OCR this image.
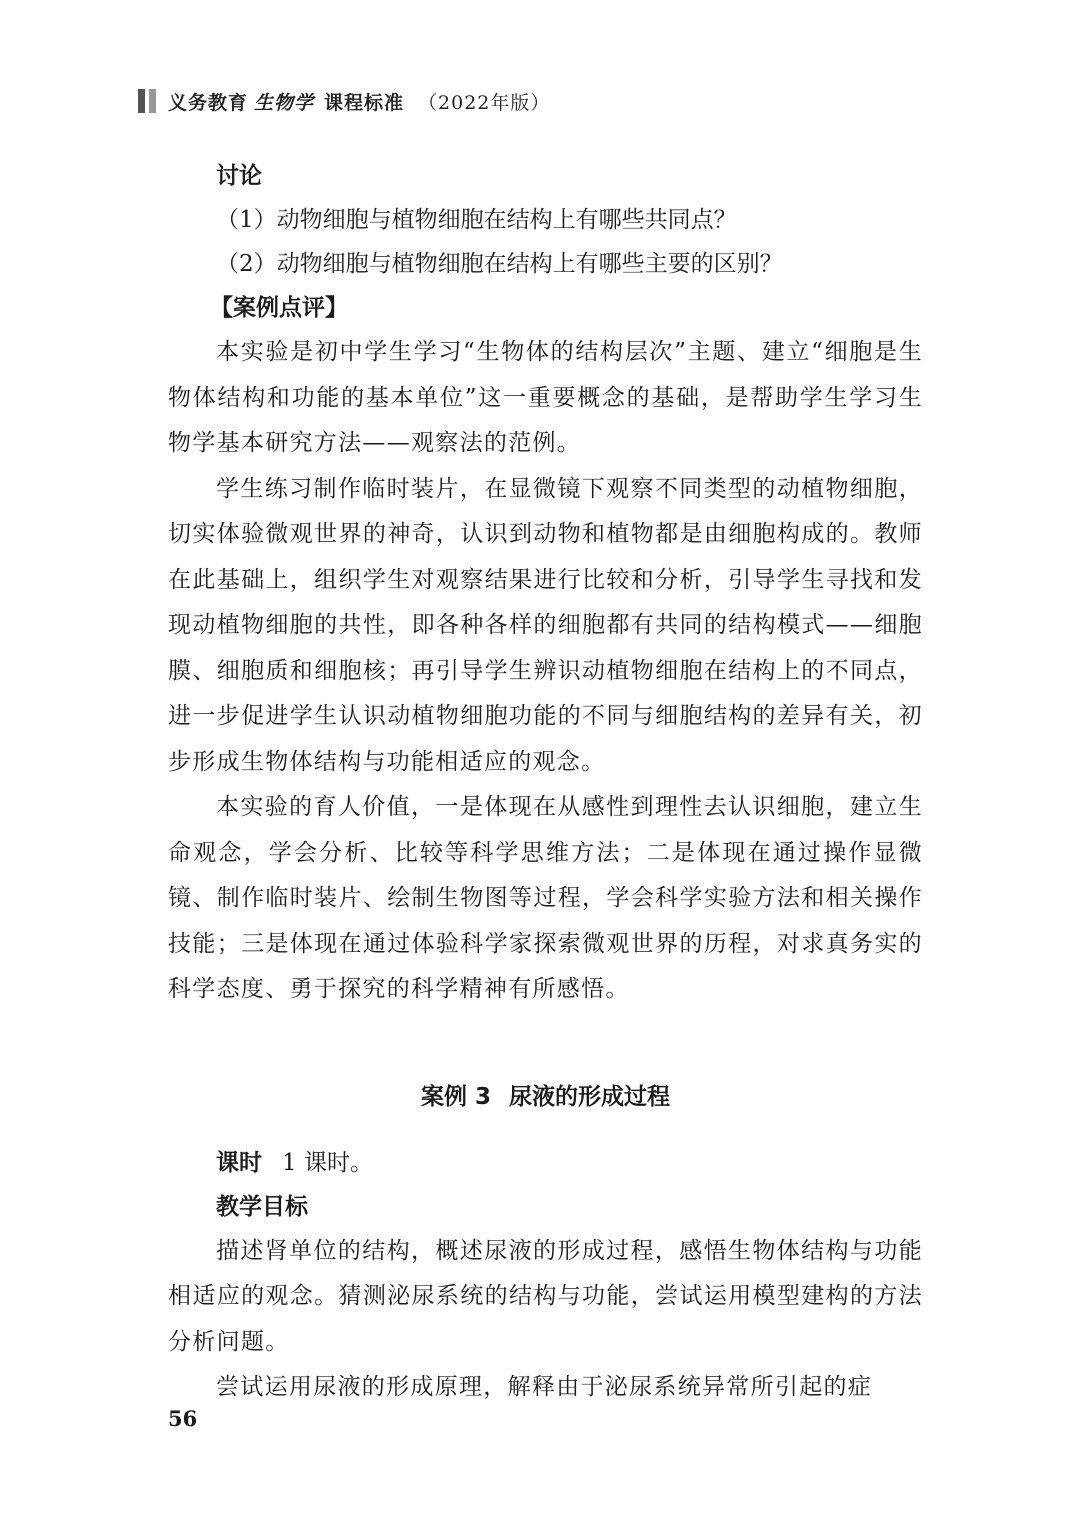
义务教育 生物学 课程标准 （2022年版）
讨论
（1）动物细胞与植物细胞在结构上有哪些共同点？
（2）动物细胞与植物细胞在结构上有哪些主要的区别？
【案例点评】

本实验是初中学生学习“生物体的结构层次”主题、建立“细胞是生物体结构和功能的基本单位”这一重要概念的基础，是帮助学生学习生物学基本研究方法——观察法的范例。

学生练习制作临时装片，在显微镜下观察不同类型的动植物细胞，切实体验微观世界的神奇，认识到动物和植物都是由细胞构成的。教师在此基础上，组织学生对观察结果进行比较和分析，引导学生寻找和发现动植物细胞的共性，即各种各样的细胞都有共同的结构模式——细胞膜、细胞质和细胞核；再引导学生辨识动植物细胞在结构上的不同点，进一步促进学生认识动植物细胞功能的不同与细胞结构的差异有关，初步形成生物体结构与功能相适应的观念。

本实验的育人价值，一是体现在从感性到理性去认识细胞，建立生命观念，学会分析、比较等科学思维方法；二是体现在通过操作显微镜、制作临时装片、绘制生物图等过程，学会科学实验方法和相关操作技能；三是体现在通过体验科学家探索微观世界的历程，对求真务实的科学态度、勇于探究的科学精神有所感悟。

案例 3 尿液的形成过程
课时 1 课时。
教学目标

描述肾单位的结构，概述尿液的形成过程，感悟生物体结构与功能相适应的观念。猜测泌尿系统的结构与功能，尝试运用模型建构的方法分析问题。

尝试运用尿液的形成原理，解释由于泌尿系统异常所引起的症

56
